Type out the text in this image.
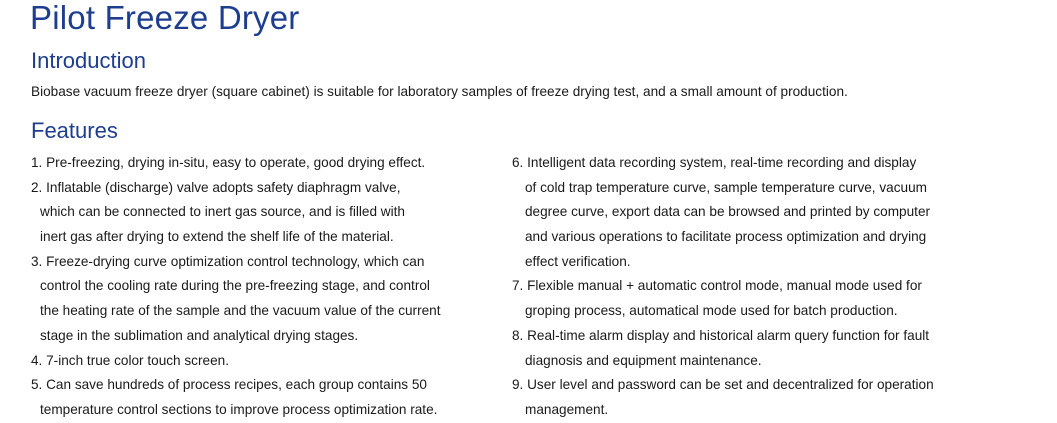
Pilot Freeze Dryer
Introduction

Biobase vacuum freeze dryer (square cabinet) is suitable for laboratory samples of freeze drying test, and a small amount of production.

Features
1. Pre-freezing, drying in-situ, easy to operate, good drying effect.
2. Inflatable (discharge) valve adopts safety diaphragm valve,
which can be connected to inert gas source, and is filled with
inert gas after drying to extend the shelf life of the material.
3. Freeze-drying curve optimization control technology, which can
control the cooling rate during the pre-freezing stage, and control
the heating rate of the sample and the vacuum value of the current
stage in the sublimation and analytical drying stages.
4. 7-inch true color touch screen.
5. Can save hundreds of process recipes, each group contains 50
temperature control sections to improve process optimization rate.
6. Intelligent data recording system, real-time recording and display
of cold trap temperature curve, sample temperature curve, vacuum
degree curve, export data can be browsed and printed by computer
and various operations to facilitate process optimization and drying
effect verification.
7. Flexible manual + automatic control mode, manual mode used for
groping process, automatical mode used for batch production.
8. Real-time alarm display and historical alarm query function for fault
diagnosis and equipment maintenance.
9. User level and password can be set and decentralized for operation
management.
